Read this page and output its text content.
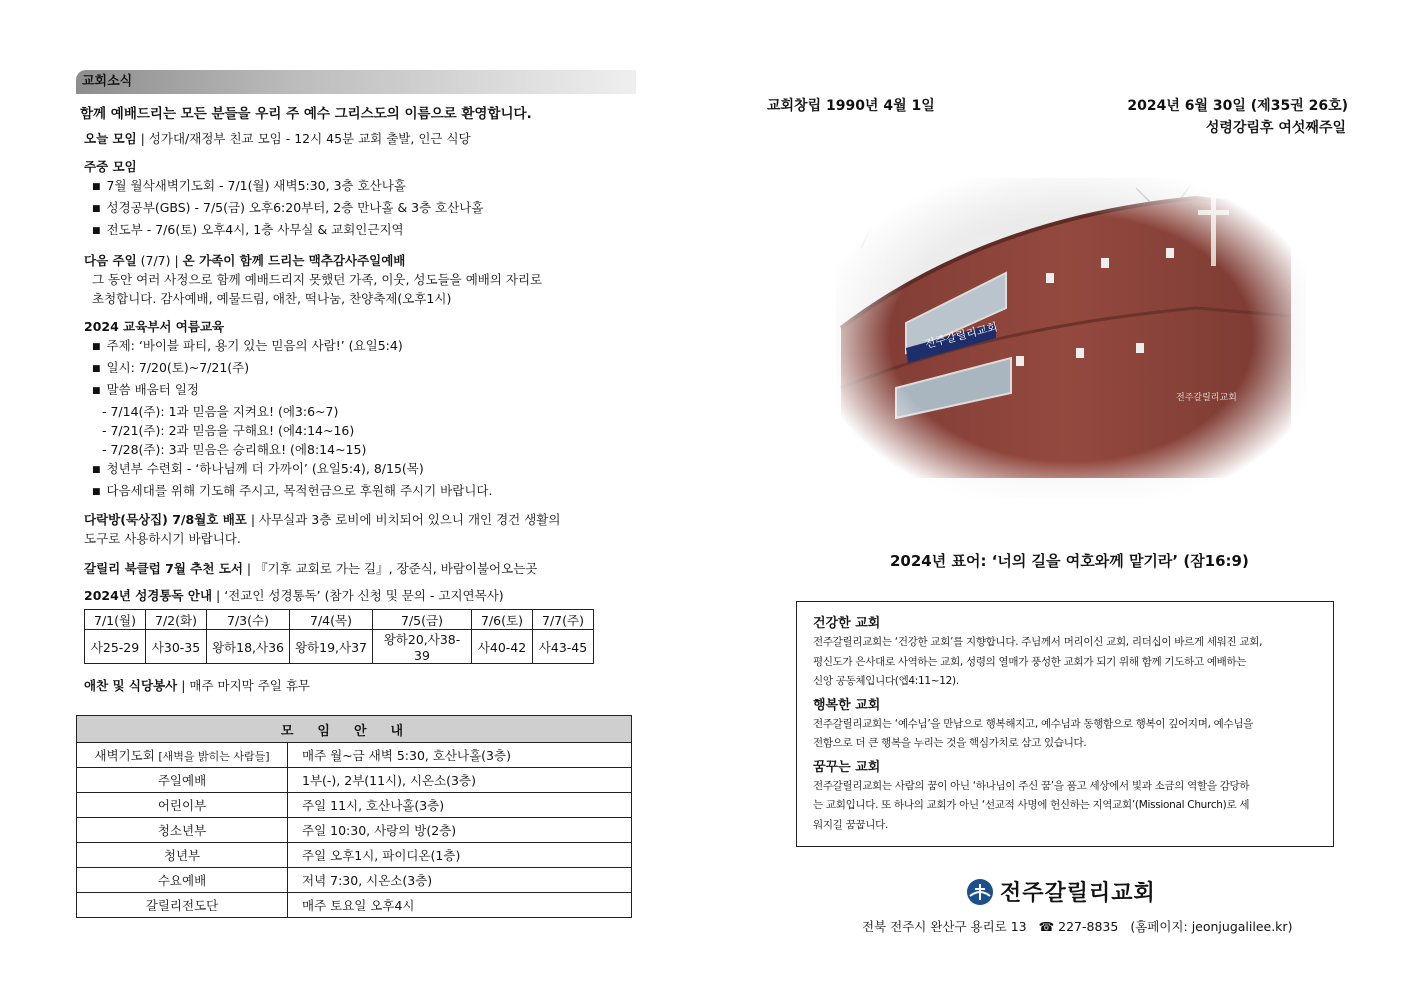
교회소식
함께 예배드리는 모든 분들을 우리 주 예수 그리스도의 이름으로 환영합니다.
오늘 모임 | 성가대/재정부 친교 모임 - 12시 45분 교회 출발, 인근 식당
주중 모임
■ 7월 월삭새벽기도회 - 7/1(월) 새벽5:30, 3층 호산나홀
■ 성경공부(GBS) - 7/5(금) 오후6:20부터, 2층 만나홀 & 3층 호산나홀
■ 전도부 - 7/6(토) 오후4시, 1층 사무실 & 교회인근지역
다음 주일 (7/7) | 온 가족이 함께 드리는 맥추감사주일예배
그 동안 여러 사정으로 함께 예배드리지 못했던 가족, 이웃, 성도들을 예배의 자리로
초청합니다. 감사예배, 예물드림, 애찬, 떡나눔, 찬양축제(오후1시)
2024 교육부서 여름교육
■ 주제: ‘바이블 파티, 용기 있는 믿음의 사람!’ (요일5:4)
■ 일시: 7/20(토)~7/21(주)
■ 말씀 배움터 일정
- 7/14(주): 1과 믿음을 지켜요! (에3:6~7)
- 7/21(주): 2과 믿음을 구해요! (에4:14~16)
- 7/28(주): 3과 믿음은 승리해요! (에8:14~15)
■ 청년부 수련회 - ‘하나님께 더 가까이’ (요일5:4), 8/15(목)
■ 다음세대를 위해 기도해 주시고, 목적헌금으로 후원해 주시기 바랍니다.
다락방(묵상집) 7/8월호 배포 | 사무실과 3층 로비에 비치되어 있으니 개인 경건 생활의
도구로 사용하시기 바랍니다.
갈릴리 북클럽 7월 추천 도서 | 『기후 교회로 가는 길』, 장준식, 바람이불어오는곳
2024년 성경통독 안내 | ‘전교인 성경통독’ (참가 신청 및 문의 - 고지연목사)
7/1(월)	7/2(화)	7/3(수)	7/4(목)	7/5(금)	7/6(토)	7/7(주)
사25-29	사30-35	왕하18,사36	왕하19,사37	왕하20,사38-39	사40-42	사43-45
애찬 및 식당봉사 | 매주 마지막 주일 휴무
모임안내	
새벽기도회 [새벽을 밝히는 사람들]	매주 월~금 새벽 5:30, 호산나홀(3층)
주일예배	1부(-), 2부(11시), 시온소(3층)
어린이부	주일 11시, 호산나홀(3층)
청소년부	주일 10:30, 사랑의 방(2층)
청년부	주일 오후1시, 파이디온(1층)
수요예배	저녁 7:30, 시온소(3층)
갈릴리전도단	매주 토요일 오후4시
교회창립 1990년 4월 1일	2024년 6월 30일 (제35권 26호)
성령강림후 여섯째주일
2024년 표어: ‘너의 길을 여호와께 맡기라’ (잠16:9)
건강한 교회
전주갈릴리교회는 ‘건강한 교회’를 지향합니다. 주님께서 머리이신 교회, 리더십이 바르게 세워진 교회,
평신도가 은사대로 사역하는 교회, 성령의 열매가 풍성한 교회가 되기 위해 함께 기도하고 예배하는
신앙 공동체입니다(엡4:11~12).
행복한 교회
전주갈릴리교회는 ‘예수님’을 만남으로 행복해지고, 예수님과 동행함으로 행복이 깊어지며, 예수님을
전함으로 더 큰 행복을 누리는 것을 핵심가치로 삼고 있습니다.
꿈꾸는 교회
전주갈릴리교회는 사람의 꿈이 아닌 ‘하나님이 주신 꿈’을 품고 세상에서 빛과 소금의 역할을 감당하
는 교회입니다. 또 하나의 교회가 아닌 ‘선교적 사명에 헌신하는 지역교회’(Missional Church)로 세
워지길 꿈꿉니다.
전주갈릴리교회
전북 전주시 완산구 용리로 13 ☎ 227-8835 (홈페이지: jeonjugalilee.kr)
